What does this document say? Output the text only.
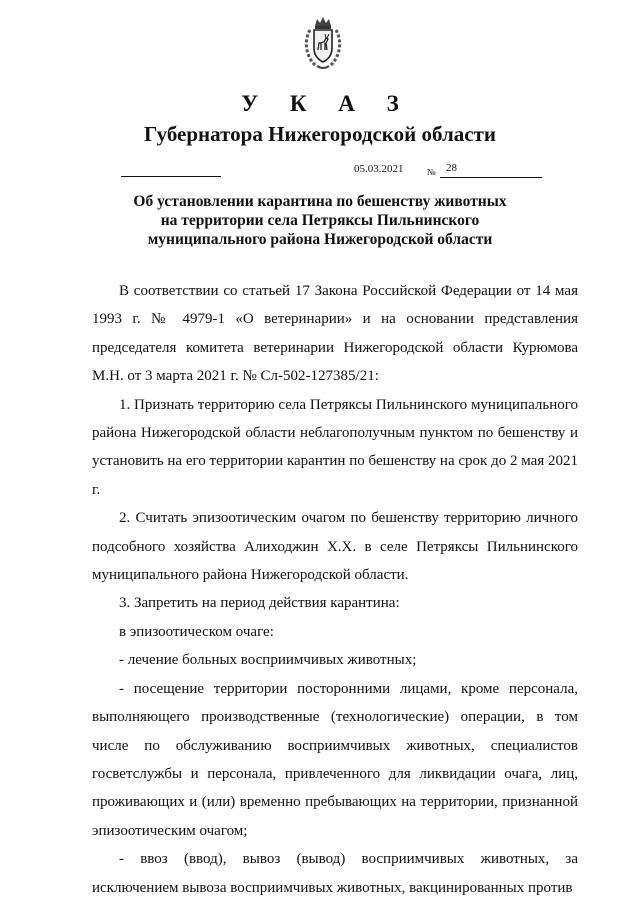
У К А З
Губернатора Нижегородской области
05.03.2021	№ 28
Об установлении карантина по бешенству животных
на территории села Петряксы Пильнинского
муниципального района Нижегородской области

В соответствии со статьей 17 Закона Российской Федерации от 14 мая 1993 г. № 4979-1 «О ветеринарии» и на основании представления председателя комитета ветеринарии Нижегородской области Курюмова М.Н. от 3 марта 2021 г. № Сл-502-127385/21:

1. Признать территорию села Петряксы Пильнинского муниципального района Нижегородской области неблагополучным пунктом по бешенству и установить на его территории карантин по бешенству на срок до 2 мая 2021 г.

2. Считать эпизоотическим очагом по бешенству территорию личного подсобного хозяйства Алиходжин Х.Х. в селе Петряксы Пильнинского муниципального района Нижегородской области.

3. Запретить на период действия карантина:

в эпизоотическом очаге:

- лечение больных восприимчивых животных;

- посещение территории посторонними лицами, кроме персонала, выполняющего производственные (технологические) операции, в том числе по обслуживанию восприимчивых животных, специалистов госветслужбы и персонала, привлеченного для ликвидации очага, лиц, проживающих и (или) временно пребывающих на территории, признанной эпизоотическим очагом;

- ввоз (ввод), вывоз (вывод) восприимчивых животных, за исключением вывоза восприимчивых животных, вакцинированных против
